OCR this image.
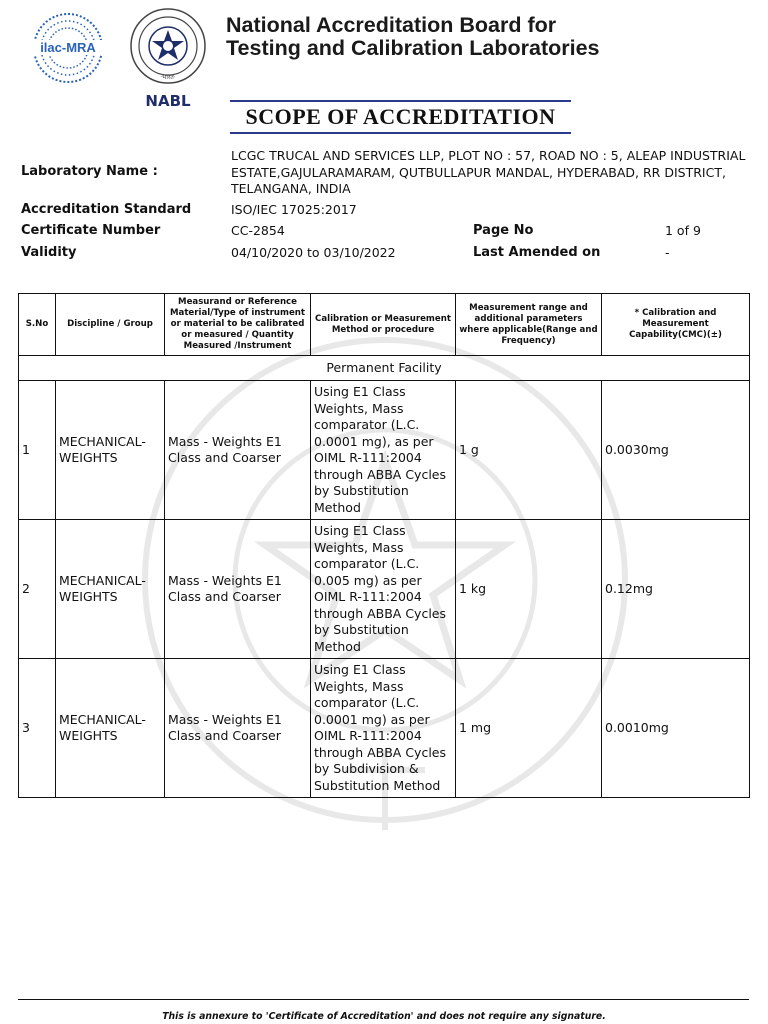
ilac-MRA
·भारत·
NABL
National Accreditation Board for
Testing and Calibration Laboratories
SCOPE OF ACCREDITATION
Laboratory Name :
LCGC TRUCAL AND SERVICES LLP, PLOT NO : 57, ROAD NO : 5, ALEAP INDUSTRIAL ESTATE,GAJULARAMARAM, QUTBULLAPUR MANDAL, HYDERABAD, RR DISTRICT, TELANGANA, INDIA
Accreditation Standard	ISO/IEC 17025:2017
Certificate Number	CC-2854	Page No	1 of 9
Validity	04/10/2020 to 03/10/2022	Last Amended on	-
S.No	Discipline / Group	Measurand or Reference Material/Type of instrument or material to be calibrated or measured / Quantity Measured /Instrument	Calibration or Measurement Method or procedure	Measurement range and additional parameters where applicable(Range and Frequency)	* Calibration and Measurement Capability(CMC)(±)
Permanent Facility					
1	MECHANICAL- WEIGHTS	Mass - Weights E1 Class and Coarser	Using E1 Class Weights, Mass comparator (L.C. 0.0001 mg), as per OIML R-111:2004 through ABBA Cycles by Substitution Method	1 g	0.0030mg
2	MECHANICAL- WEIGHTS	Mass - Weights E1 Class and Coarser	Using E1 Class Weights, Mass comparator (L.C. 0.005 mg) as per OIML R-111:2004 through ABBA Cycles by Substitution Method	1 kg	0.12mg
3	MECHANICAL- WEIGHTS	Mass - Weights E1 Class and Coarser	Using E1 Class Weights, Mass comparator (L.C. 0.0001 mg) as per OIML R-111:2004 through ABBA Cycles by Subdivision & Substitution Method	1 mg	0.0010mg
This is annexure to 'Certificate of Accreditation' and does not require any signature.
